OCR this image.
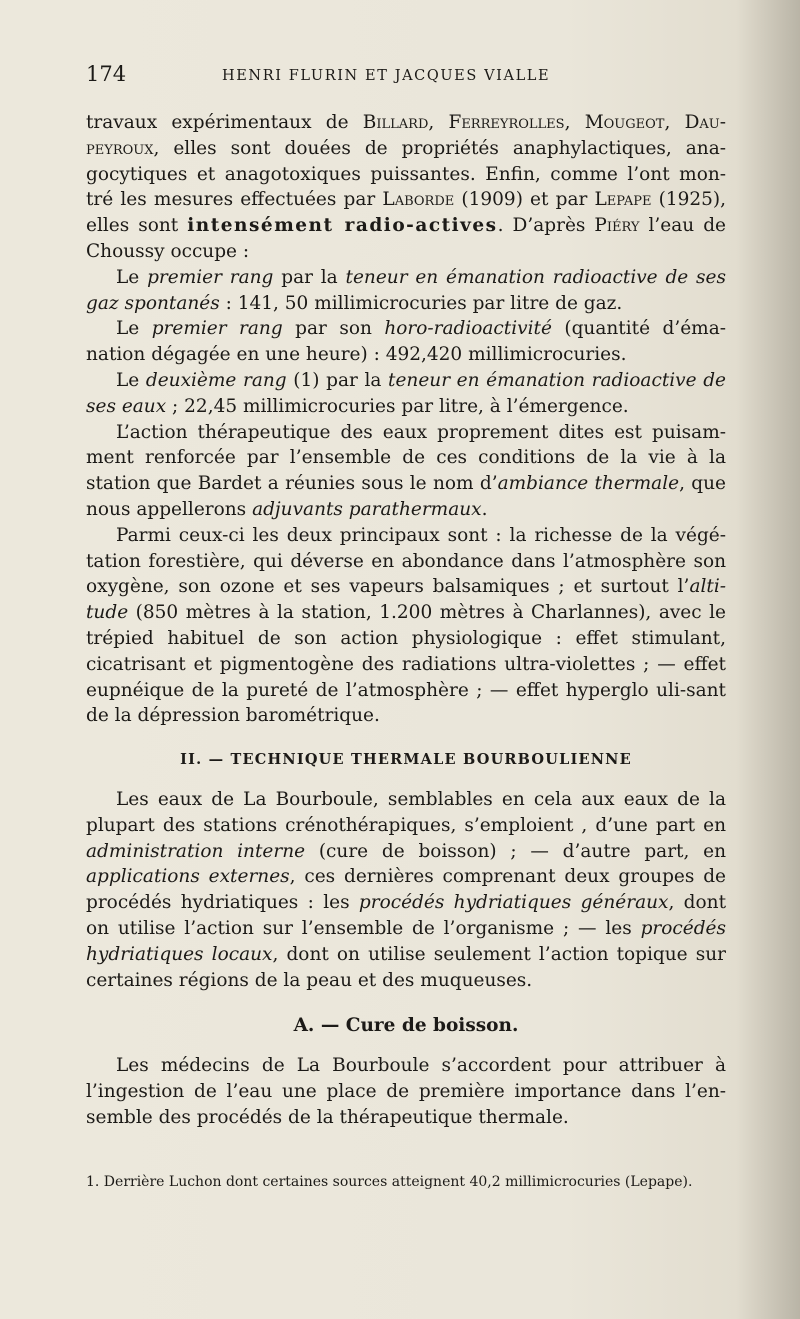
174	HENRI FLURIN ET JACQUES VIALLE

travaux expérimentaux de Billard, Ferreyrolles, Mougeot, Dau-peyroux, elles sont douées de propriétés anaphylactiques, ana-gocytiques et anagotoxiques puissantes. Enfin, comme l’ont mon-tré les mesures effectuées par Laborde (1909) et par Lepape (1925), elles sont intensément radio-actives. D’après Piéry l’eau de Choussy occupe :

Le premier rang par la teneur en émanation radioactive de ses gaz spontanés : 141, 50 millimicrocuries par litre de gaz.

Le premier rang par son horo-radioactivité (quantité d’éma-nation dégagée en une heure) : 492,420 millimicrocuries.

Le deuxième rang (1) par la teneur en émanation radioactive de ses eaux ; 22,45 millimicrocuries par litre, à l’émergence.

L’action thérapeutique des eaux proprement dites est puisam-ment renforcée par l’ensemble de ces conditions de la vie à la station que Bardet a réunies sous le nom d’ambiance thermale, que nous appellerons adjuvants parathermaux.

Parmi ceux-ci les deux principaux sont : la richesse de la végé-tation forestière, qui déverse en abondance dans l’atmosphère son oxygène, son ozone et ses vapeurs balsamiques ; et surtout l’alti-tude (850 mètres à la station, 1.200 mètres à Charlannes), avec le trépied habituel de son action physiologique : effet stimulant, cicatrisant et pigmentogène des radiations ultra-violettes ; — effet eupnéique de la pureté de l’atmosphère ; — effet hyperglo uli-sant de la dépression barométrique.

II. — TECHNIQUE THERMALE BOURBOULIENNE

Les eaux de La Bourboule, semblables en cela aux eaux de la plupart des stations crénothérapiques, s’emploient , d’une part en administration interne (cure de boisson) ; — d’autre part, en applications externes, ces dernières comprenant deux groupes de procédés hydriatiques : les procédés hydriatiques généraux, dont on utilise l’action sur l’ensemble de l’organisme ; — les procédés hydriatiques locaux, dont on utilise seulement l’action topique sur certaines régions de la peau et des muqueuses.

A. — Cure de boisson.

Les médecins de La Bourboule s’accordent pour attribuer à l’ingestion de l’eau une place de première importance dans l’en-semble des procédés de la thérapeutique thermale.

1. Derrière Luchon dont certaines sources atteignent 40,2 millimicrocuries (Lepape).
